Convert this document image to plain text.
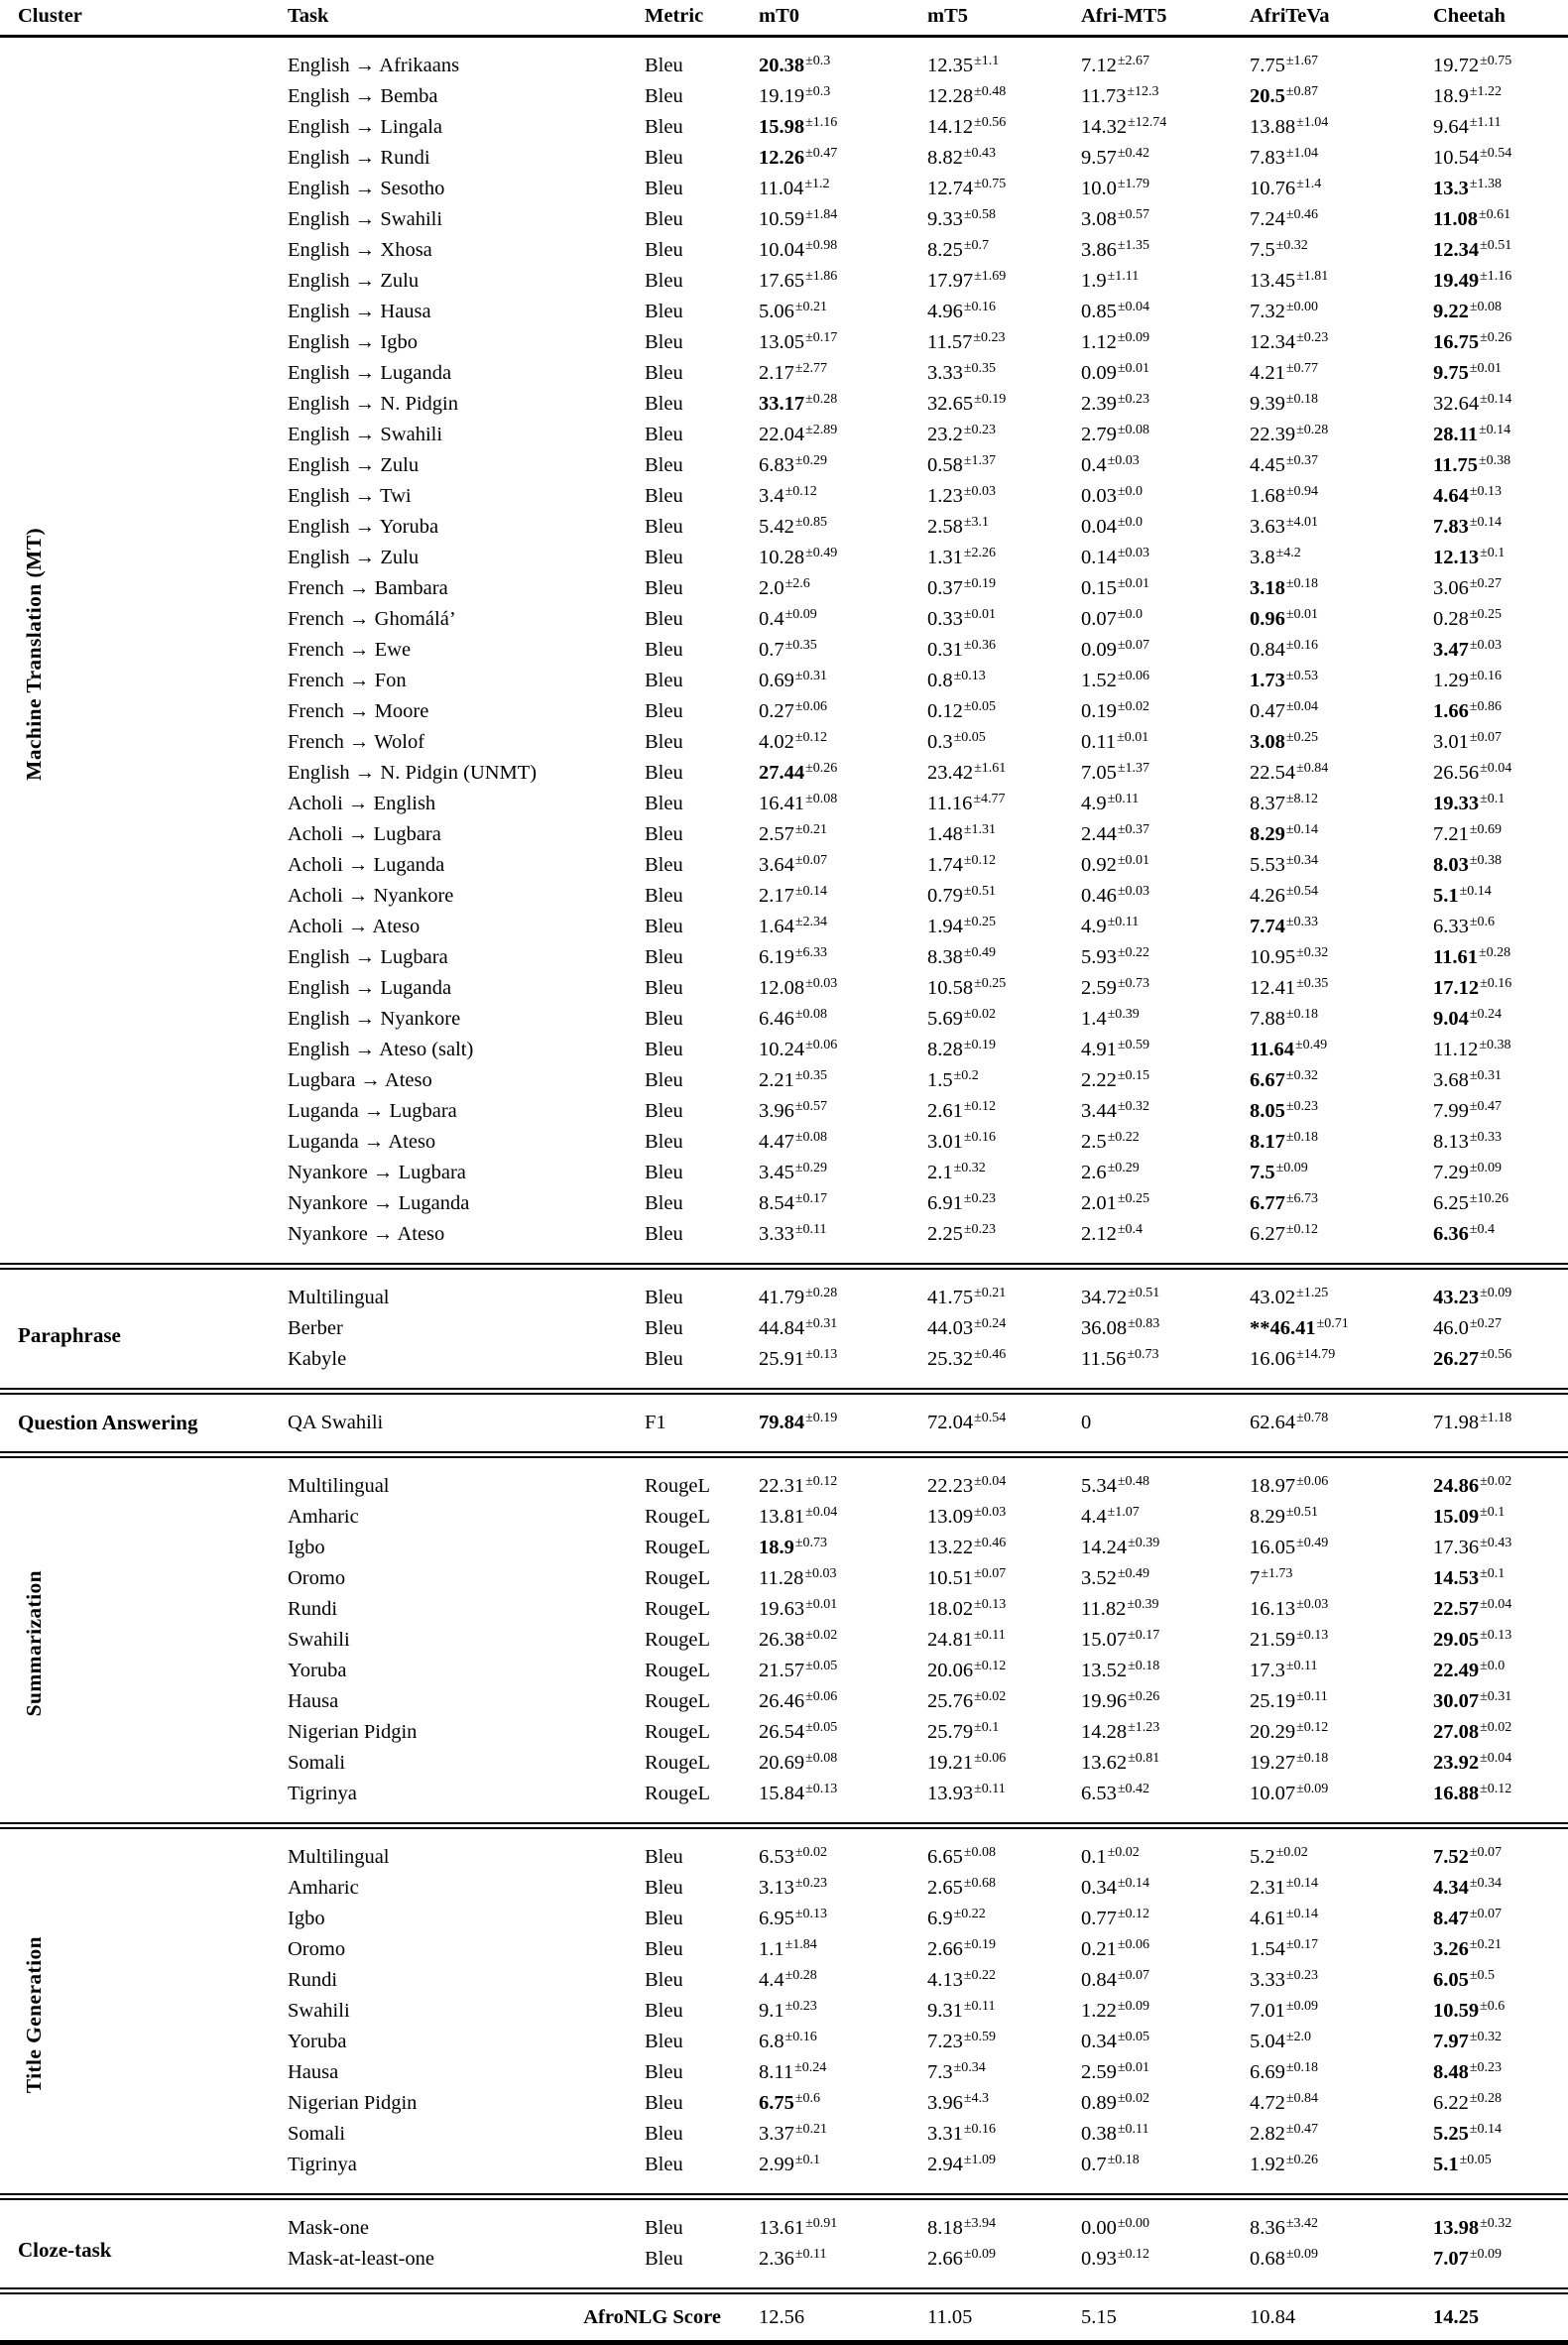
Cluster	Task	Metric	mT0	mT5	Afri-MT5	AfriTeVa	Cheetah
Machine Translation (MT)	English → Afrikaans	Bleu	$20.38^{\pm 0.3}$	$12.35^{\pm 1.1}$	$7.12^{\pm 2.67}$	$7.75^{\pm 1.67}$	$19.72^{\pm 0.75}$
	English → Bemba	Bleu	$19.19^{\pm 0.3}$	$12.28^{\pm 0.48}$	$11.73^{\pm 12.3}$	$20.5^{\pm 0.87}$	$18.9^{\pm 1.22}$
	English → Lingala	Bleu	$15.98^{\pm 1.16}$	$14.12^{\pm 0.56}$	$14.32^{\pm 12.74}$	$13.88^{\pm 1.04}$	$9.64^{\pm 1.11}$
	English → Rundi	Bleu	$12.26^{\pm 0.47}$	$8.82^{\pm 0.43}$	$9.57^{\pm 0.42}$	$7.83^{\pm 1.04}$	$10.54^{\pm 0.54}$
	English → Sesotho	Bleu	$11.04^{\pm 1.2}$	$12.74^{\pm 0.75}$	$10.0^{\pm 1.79}$	$10.76^{\pm 1.4}$	$13.3^{\pm 1.38}$
	English → Swahili	Bleu	$10.59^{\pm 1.84}$	$9.33^{\pm 0.58}$	$3.08^{\pm 0.57}$	$7.24^{\pm 0.46}$	$11.08^{\pm 0.61}$
	English → Xhosa	Bleu	$10.04^{\pm 0.98}$	$8.25^{\pm 0.7}$	$3.86^{\pm 1.35}$	$7.5^{\pm 0.32}$	$12.34^{\pm 0.51}$
	English → Zulu	Bleu	$17.65^{\pm 1.86}$	$17.97^{\pm 1.69}$	$1.9^{\pm 1.11}$	$13.45^{\pm 1.81}$	$19.49^{\pm 1.16}$
	English → Hausa	Bleu	$5.06^{\pm 0.21}$	$4.96^{\pm 0.16}$	$0.85^{\pm 0.04}$	$7.32^{\pm 0.00}$	$9.22^{\pm 0.08}$
	English → Igbo	Bleu	$13.05^{\pm 0.17}$	$11.57^{\pm 0.23}$	$1.12^{\pm 0.09}$	$12.34^{\pm 0.23}$	$16.75^{\pm 0.26}$
	English → Luganda	Bleu	$2.17^{\pm 2.77}$	$3.33^{\pm 0.35}$	$0.09^{\pm 0.01}$	$4.21^{\pm 0.77}$	$9.75^{\pm 0.01}$
	English → N. Pidgin	Bleu	$33.17^{\pm 0.28}$	$32.65^{\pm 0.19}$	$2.39^{\pm 0.23}$	$9.39^{\pm 0.18}$	$32.64^{\pm 0.14}$
	English → Swahili	Bleu	$22.04^{\pm 2.89}$	$23.2^{\pm 0.23}$	$2.79^{\pm 0.08}$	$22.39^{\pm 0.28}$	$28.11^{\pm 0.14}$
	English → Zulu	Bleu	$6.83^{\pm 0.29}$	$0.58^{\pm 1.37}$	$0.4^{\pm 0.03}$	$4.45^{\pm 0.37}$	$11.75^{\pm 0.38}$
	English → Twi	Bleu	$3.4^{\pm 0.12}$	$1.23^{\pm 0.03}$	$0.03^{\pm 0.0}$	$1.68^{\pm 0.94}$	$4.64^{\pm 0.13}$
	English → Yoruba	Bleu	$5.42^{\pm 0.85}$	$2.58^{\pm 3.1}$	$0.04^{\pm 0.0}$	$3.63^{\pm 4.01}$	$7.83^{\pm 0.14}$
	English → Zulu	Bleu	$10.28^{\pm 0.49}$	$1.31^{\pm 2.26}$	$0.14^{\pm 0.03}$	$3.8^{\pm 4.2}$	$12.13^{\pm 0.1}$
	French → Bambara	Bleu	$2.0^{\pm 2.6}$	$0.37^{\pm 0.19}$	$0.15^{\pm 0.01}$	$3.18^{\pm 0.18}$	$3.06^{\pm 0.27}$
	French → Ghomálá’	Bleu	$0.4^{\pm 0.09}$	$0.33^{\pm 0.01}$	$0.07^{\pm 0.0}$	$0.96^{\pm 0.01}$	$0.28^{\pm 0.25}$
	French → Ewe	Bleu	$0.7^{\pm 0.35}$	$0.31^{\pm 0.36}$	$0.09^{\pm 0.07}$	$0.84^{\pm 0.16}$	$3.47^{\pm 0.03}$
	French → Fon	Bleu	$0.69^{\pm 0.31}$	$0.8^{\pm 0.13}$	$1.52^{\pm 0.06}$	$1.73^{\pm 0.53}$	$1.29^{\pm 0.16}$
	French → Moore	Bleu	$0.27^{\pm 0.06}$	$0.12^{\pm 0.05}$	$0.19^{\pm 0.02}$	$0.47^{\pm 0.04}$	$1.66^{\pm 0.86}$
	French → Wolof	Bleu	$4.02^{\pm 0.12}$	$0.3^{\pm 0.05}$	$0.11^{\pm 0.01}$	$3.08^{\pm 0.25}$	$3.01^{\pm 0.07}$
	English → N. Pidgin (UNMT)	Bleu	$27.44^{\pm 0.26}$	$23.42^{\pm 1.61}$	$7.05^{\pm 1.37}$	$22.54^{\pm 0.84}$	$26.56^{\pm 0.04}$
	Acholi → English	Bleu	$16.41^{\pm 0.08}$	$11.16^{\pm 4.77}$	$4.9^{\pm 0.11}$	$8.37^{\pm 8.12}$	$19.33^{\pm 0.1}$
	Acholi → Lugbara	Bleu	$2.57^{\pm 0.21}$	$1.48^{\pm 1.31}$	$2.44^{\pm 0.37}$	$8.29^{\pm 0.14}$	$7.21^{\pm 0.69}$
	Acholi → Luganda	Bleu	$3.64^{\pm 0.07}$	$1.74^{\pm 0.12}$	$0.92^{\pm 0.01}$	$5.53^{\pm 0.34}$	$8.03^{\pm 0.38}$
	Acholi → Nyankore	Bleu	$2.17^{\pm 0.14}$	$0.79^{\pm 0.51}$	$0.46^{\pm 0.03}$	$4.26^{\pm 0.54}$	$5.1^{\pm 0.14}$
	Acholi → Ateso	Bleu	$1.64^{\pm 2.34}$	$1.94^{\pm 0.25}$	$4.9^{\pm 0.11}$	$7.74^{\pm 0.33}$	$6.33^{\pm 0.6}$
	English → Lugbara	Bleu	$6.19^{\pm 6.33}$	$8.38^{\pm 0.49}$	$5.93^{\pm 0.22}$	$10.95^{\pm 0.32}$	$11.61^{\pm 0.28}$
	English → Luganda	Bleu	$12.08^{\pm 0.03}$	$10.58^{\pm 0.25}$	$2.59^{\pm 0.73}$	$12.41^{\pm 0.35}$	$17.12^{\pm 0.16}$
	English → Nyankore	Bleu	$6.46^{\pm 0.08}$	$5.69^{\pm 0.02}$	$1.4^{\pm 0.39}$	$7.88^{\pm 0.18}$	$9.04^{\pm 0.24}$
	English → Ateso (salt)	Bleu	$10.24^{\pm 0.06}$	$8.28^{\pm 0.19}$	$4.91^{\pm 0.59}$	$11.64^{\pm 0.49}$	$11.12^{\pm 0.38}$
	Lugbara → Ateso	Bleu	$2.21^{\pm 0.35}$	$1.5^{\pm 0.2}$	$2.22^{\pm 0.15}$	$6.67^{\pm 0.32}$	$3.68^{\pm 0.31}$
	Luganda → Lugbara	Bleu	$3.96^{\pm 0.57}$	$2.61^{\pm 0.12}$	$3.44^{\pm 0.32}$	$8.05^{\pm 0.23}$	$7.99^{\pm 0.47}$
	Luganda → Ateso	Bleu	$4.47^{\pm 0.08}$	$3.01^{\pm 0.16}$	$2.5^{\pm 0.22}$	$8.17^{\pm 0.18}$	$8.13^{\pm 0.33}$
	Nyankore → Lugbara	Bleu	$3.45^{\pm 0.29}$	$2.1^{\pm 0.32}$	$2.6^{\pm 0.29}$	$7.5^{\pm 0.09}$	$7.29^{\pm 0.09}$
	Nyankore → Luganda	Bleu	$8.54^{\pm 0.17}$	$6.91^{\pm 0.23}$	$2.01^{\pm 0.25}$	$6.77^{\pm 6.73}$	$6.25^{\pm 10.26}$
	Nyankore → Ateso	Bleu	$3.33^{\pm 0.11}$	$2.25^{\pm 0.23}$	$2.12^{\pm 0.4}$	$6.27^{\pm 0.12}$	$6.36^{\pm 0.4}$

Paraphrase	Multilingual	Bleu	$41.79^{\pm 0.28}$	$41.75^{\pm 0.21}$	$34.72^{\pm 0.51}$	$43.02^{\pm 1.25}$	$43.23^{\pm 0.09}$
	Berber	Bleu	$44.84^{\pm 0.31}$	$44.03^{\pm 0.24}$	$36.08^{\pm 0.83}$	$**46.41^{\pm 0.71}$	$46.0^{\pm 0.27}$
	Kabyle	Bleu	$25.91^{\pm 0.13}$	$25.32^{\pm 0.46}$	$11.56^{\pm 0.73}$	$16.06^{\pm 14.79}$	$26.27^{\pm 0.56}$

Question Answering	QA Swahili	F1	$79.84^{\pm 0.19}$	$72.04^{\pm 0.54}$	0	$62.64^{\pm 0.78}$	$71.98^{\pm 1.18}$

Summarization	Multilingual	RougeL	$22.31^{\pm 0.12}$	$22.23^{\pm 0.04}$	$5.34^{\pm 0.48}$	$18.97^{\pm 0.06}$	$24.86^{\pm 0.02}$
	Amharic	RougeL	$13.81^{\pm 0.04}$	$13.09^{\pm 0.03}$	$4.4^{\pm 1.07}$	$8.29^{\pm 0.51}$	$15.09^{\pm 0.1}$
	Igbo	RougeL	$18.9^{\pm 0.73}$	$13.22^{\pm 0.46}$	$14.24^{\pm 0.39}$	$16.05^{\pm 0.49}$	$17.36^{\pm 0.43}$
	Oromo	RougeL	$11.28^{\pm 0.03}$	$10.51^{\pm 0.07}$	$3.52^{\pm 0.49}$	$7^{\pm 1.73}$	$14.53^{\pm 0.1}$
	Rundi	RougeL	$19.63^{\pm 0.01}$	$18.02^{\pm 0.13}$	$11.82^{\pm 0.39}$	$16.13^{\pm 0.03}$	$22.57^{\pm 0.04}$
	Swahili	RougeL	$26.38^{\pm 0.02}$	$24.81^{\pm 0.11}$	$15.07^{\pm 0.17}$	$21.59^{\pm 0.13}$	$29.05^{\pm 0.13}$
	Yoruba	RougeL	$21.57^{\pm 0.05}$	$20.06^{\pm 0.12}$	$13.52^{\pm 0.18}$	$17.3^{\pm 0.11}$	$22.49^{\pm 0.0}$
	Hausa	RougeL	$26.46^{\pm 0.06}$	$25.76^{\pm 0.02}$	$19.96^{\pm 0.26}$	$25.19^{\pm 0.11}$	$30.07^{\pm 0.31}$
	Nigerian Pidgin	RougeL	$26.54^{\pm 0.05}$	$25.79^{\pm 0.1}$	$14.28^{\pm 1.23}$	$20.29^{\pm 0.12}$	$27.08^{\pm 0.02}$
	Somali	RougeL	$20.69^{\pm 0.08}$	$19.21^{\pm 0.06}$	$13.62^{\pm 0.81}$	$19.27^{\pm 0.18}$	$23.92^{\pm 0.04}$
	Tigrinya	RougeL	$15.84^{\pm 0.13}$	$13.93^{\pm 0.11}$	$6.53^{\pm 0.42}$	$10.07^{\pm 0.09}$	$16.88^{\pm 0.12}$

Title Generation	Multilingual	Bleu	$6.53^{\pm 0.02}$	$6.65^{\pm 0.08}$	$0.1^{\pm 0.02}$	$5.2^{\pm 0.02}$	$7.52^{\pm 0.07}$
	Amharic	Bleu	$3.13^{\pm 0.23}$	$2.65^{\pm 0.68}$	$0.34^{\pm 0.14}$	$2.31^{\pm 0.14}$	$4.34^{\pm 0.34}$
	Igbo	Bleu	$6.95^{\pm 0.13}$	$6.9^{\pm 0.22}$	$0.77^{\pm 0.12}$	$4.61^{\pm 0.14}$	$8.47^{\pm 0.07}$
	Oromo	Bleu	$1.1^{\pm 1.84}$	$2.66^{\pm 0.19}$	$0.21^{\pm 0.06}$	$1.54^{\pm 0.17}$	$3.26^{\pm 0.21}$
	Rundi	Bleu	$4.4^{\pm 0.28}$	$4.13^{\pm 0.22}$	$0.84^{\pm 0.07}$	$3.33^{\pm 0.23}$	$6.05^{\pm 0.5}$
	Swahili	Bleu	$9.1^{\pm 0.23}$	$9.31^{\pm 0.11}$	$1.22^{\pm 0.09}$	$7.01^{\pm 0.09}$	$10.59^{\pm 0.6}$
	Yoruba	Bleu	$6.8^{\pm 0.16}$	$7.23^{\pm 0.59}$	$0.34^{\pm 0.05}$	$5.04^{\pm 2.0}$	$7.97^{\pm 0.32}$
	Hausa	Bleu	$8.11^{\pm 0.24}$	$7.3^{\pm 0.34}$	$2.59^{\pm 0.01}$	$6.69^{\pm 0.18}$	$8.48^{\pm 0.23}$
	Nigerian Pidgin	Bleu	$6.75^{\pm 0.6}$	$3.96^{\pm 4.3}$	$0.89^{\pm 0.02}$	$4.72^{\pm 0.84}$	$6.22^{\pm 0.28}$
	Somali	Bleu	$3.37^{\pm 0.21}$	$3.31^{\pm 0.16}$	$0.38^{\pm 0.11}$	$2.82^{\pm 0.47}$	$5.25^{\pm 0.14}$
	Tigrinya	Bleu	$2.99^{\pm 0.1}$	$2.94^{\pm 1.09}$	$0.7^{\pm 0.18}$	$1.92^{\pm 0.26}$	$5.1^{\pm 0.05}$

Cloze-task	Mask-one	Bleu	$13.61^{\pm 0.91}$	$8.18^{\pm 3.94}$	$0.00^{\pm 0.00}$	$8.36^{\pm 3.42}$	$13.98^{\pm 0.32}$
	Mask-at-least-one	Bleu	$2.36^{\pm 0.11}$	$2.66^{\pm 0.09}$	$0.93^{\pm 0.12}$	$0.68^{\pm 0.09}$	$7.07^{\pm 0.09}$

AfroNLG Score			12.56	11.05	5.15	10.84	14.25
